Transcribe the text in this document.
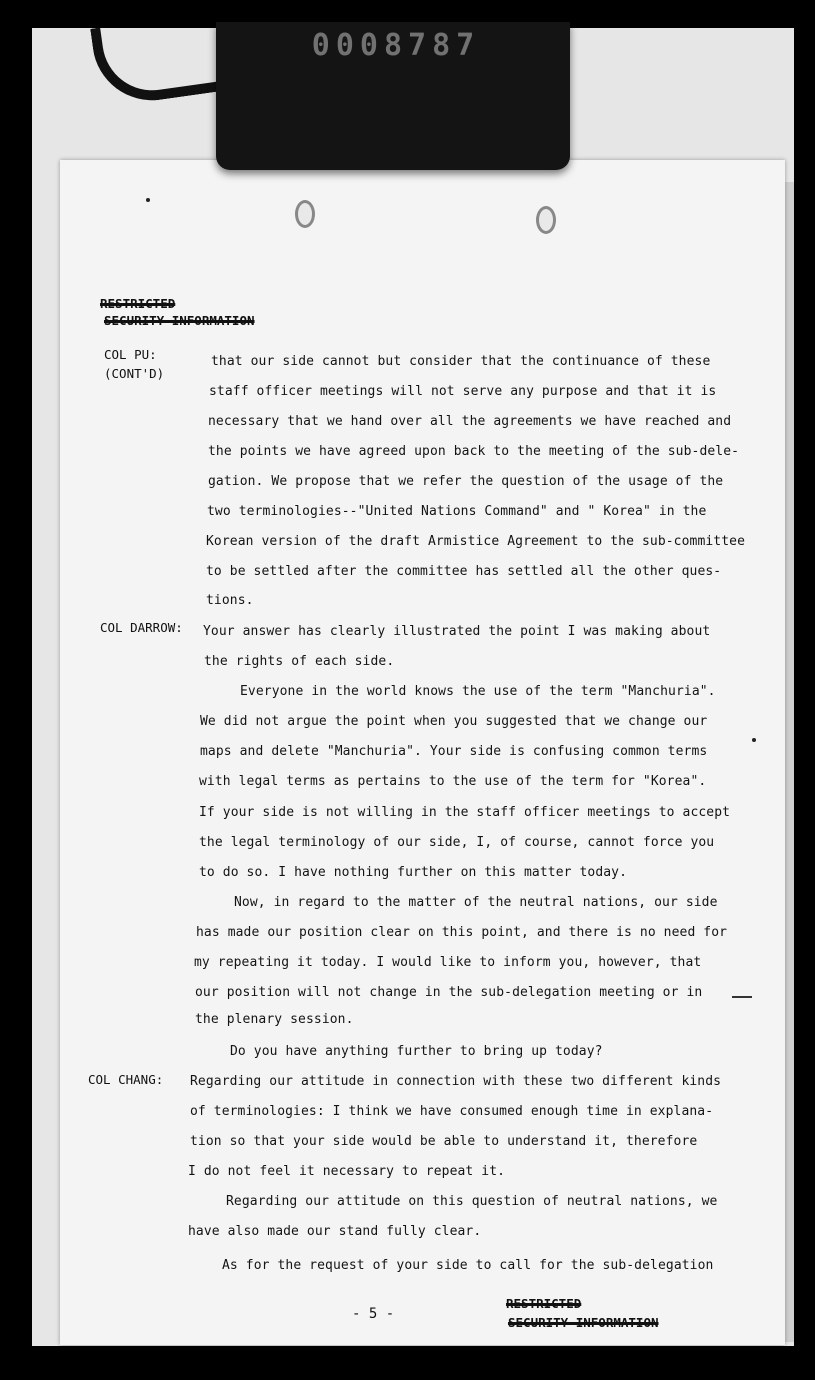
0008787
RESTRICTED
SECURITY INFORMATION
COL PU:
(CONT'D)
COL DARROW:
COL CHANG:
that our side cannot but consider that the continuance of these
staff officer meetings will not serve any purpose and that it is
necessary that we hand over all the agreements we have reached and
the points we have agreed upon back to the meeting of the sub-dele-
gation. We propose that we refer the question of the usage of the
two terminologies--"United Nations Command" and " Korea" in the
Korean version of the draft Armistice Agreement to the sub-committee
to be settled after the committee has settled all the other ques-
tions.
Your answer has clearly illustrated the point I was making about
the rights of each side.
Everyone in the world knows the use of the term "Manchuria".
We did not argue the point when you suggested that we change our
maps and delete "Manchuria". Your side is confusing common terms
with legal terms as pertains to the use of the term for "Korea".
If your side is not willing in the staff officer meetings to accept
the legal terminology of our side, I, of course, cannot force you
to do so. I have nothing further on this matter today.
Now, in regard to the matter of the neutral nations, our side
has made our position clear on this point, and there is no need for
my repeating it today. I would like to inform you, however, that
our position will not change in the sub-delegation meeting or in
the plenary session.
Do you have anything further to bring up today?
Regarding our attitude in connection with these two different kinds
of terminologies: I think we have consumed enough time in explana-
tion so that your side would be able to understand it, therefore
I do not feel it necessary to repeat it.
Regarding our attitude on this question of neutral nations, we
have also made our stand fully clear.
As for the request of your side to call for the sub-delegation
- 5 -
RESTRICTED
SECURITY INFORMATION
